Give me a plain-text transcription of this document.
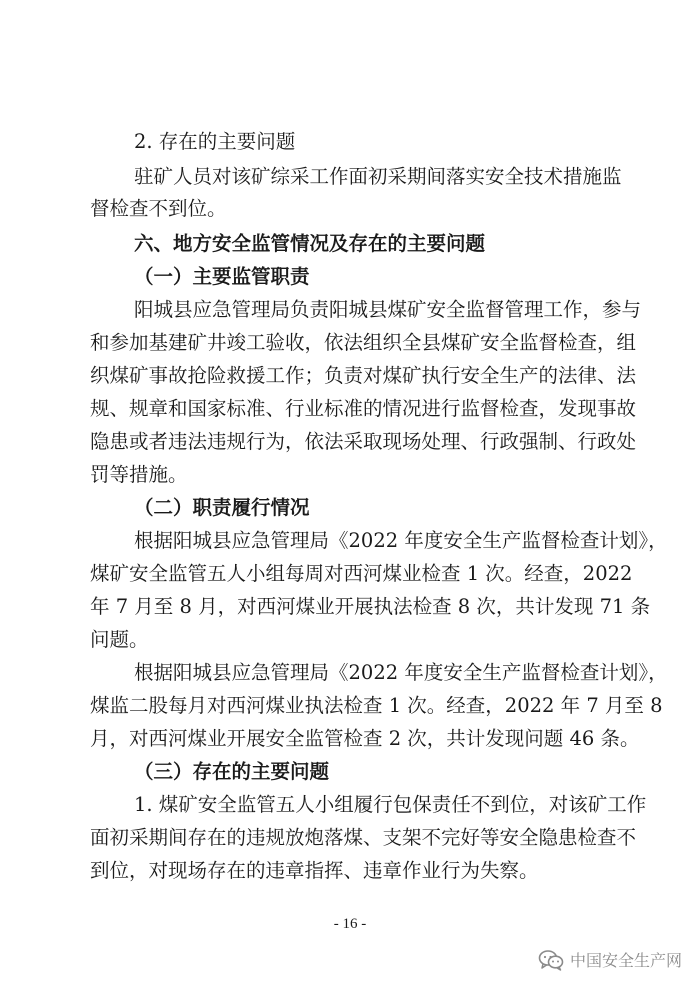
2. 存在的主要问题

驻矿人员对该矿综采工作面初采期间落实安全技术措施监

督检查不到位。

六、地方安全监管情况及存在的主要问题

（一）主要监管职责

阳城县应急管理局负责阳城县煤矿安全监督管理工作，参与

和参加基建矿井竣工验收，依法组织全县煤矿安全监督检查，组

织煤矿事故抢险救援工作；负责对煤矿执行安全生产的法律、法

规、规章和国家标准、行业标准的情况进行监督检查，发现事故

隐患或者违法违规行为，依法采取现场处理、行政强制、行政处

罚等措施。

（二）职责履行情况

根据阳城县应急管理局《2022 年度安全生产监督检查计划》，

煤矿安全监管五人小组每周对西河煤业检查 1 次。经查，2022

年 7 月至 8 月，对西河煤业开展执法检查 8 次，共计发现 71 条

问题。

根据阳城县应急管理局《2022 年度安全生产监督检查计划》，

煤监二股每月对西河煤业执法检查 1 次。经查，2022 年 7 月至 8

月，对西河煤业开展安全监管检查 2 次，共计发现问题 46 条。

（三）存在的主要问题

1. 煤矿安全监管五人小组履行包保责任不到位，对该矿工作

面初采期间存在的违规放炮落煤、支架不完好等安全隐患检查不

到位，对现场存在的违章指挥、违章作业行为失察。

- 16 -
中国安全生产网
